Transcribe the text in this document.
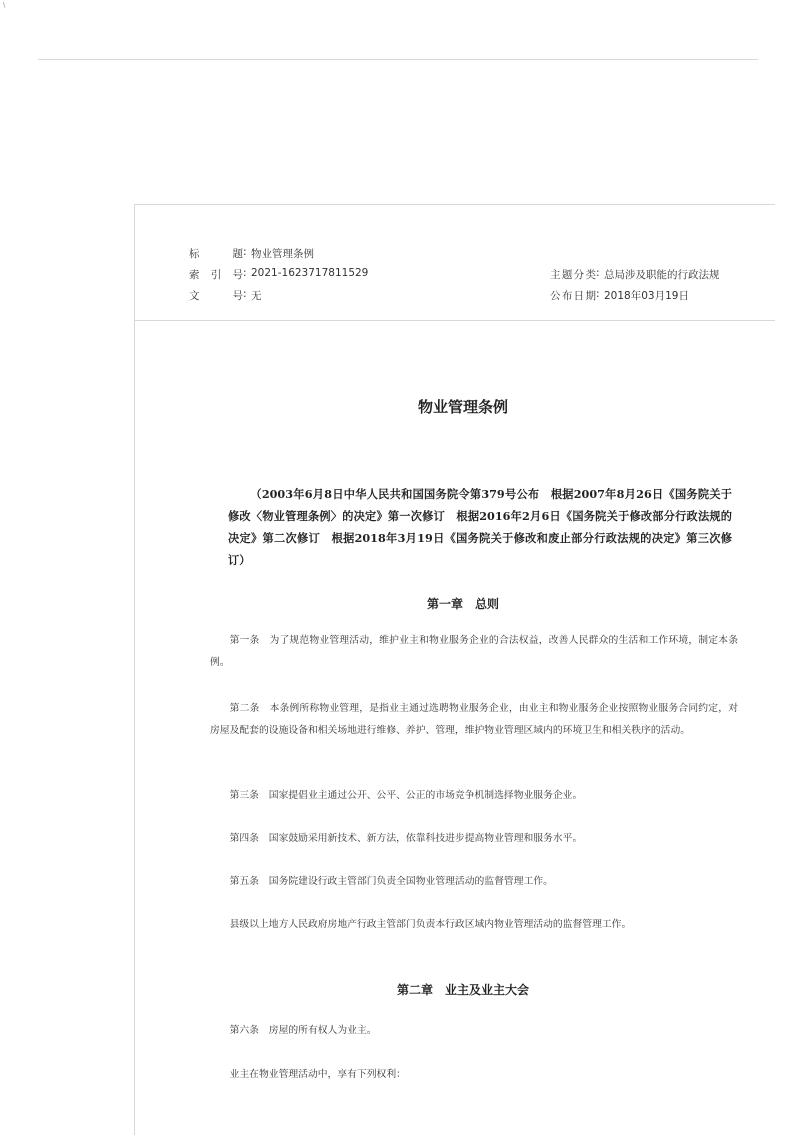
\
标题 : 物业管理条例
索引号 : 2021-1623717811529
文号 : 无
主题分类 : 总局涉及职能的行政法规
公布日期 : 2018年03月19日
物业管理条例
（2003年6月8日中华人民共和国国务院令第379号公布　根据2007年8月26日《国务院关于修改〈物业管理条例〉的决定》第一次修订　根据2016年2月6日《国务院关于修改部分行政法规的决定》第二次修订　根据2018年3月19日《国务院关于修改和废止部分行政法规的决定》第三次修订）
第一章　总则

第一条　为了规范物业管理活动，维护业主和物业服务企业的合法权益，改善人民群众的生活和工作环境，制定本条例。

第二条　本条例所称物业管理，是指业主通过选聘物业服务企业，由业主和物业服务企业按照物业服务合同约定，对房屋及配套的设施设备和相关场地进行维修、养护、管理，维护物业管理区域内的环境卫生和相关秩序的活动。

第三条　国家提倡业主通过公开、公平、公正的市场竞争机制选择物业服务企业。

第四条　国家鼓励采用新技术、新方法，依靠科技进步提高物业管理和服务水平。

第五条　国务院建设行政主管部门负责全国物业管理活动的监督管理工作。

县级以上地方人民政府房地产行政主管部门负责本行政区域内物业管理活动的监督管理工作。

第二章　业主及业主大会

第六条　房屋的所有权人为业主。

业主在物业管理活动中，享有下列权利：
